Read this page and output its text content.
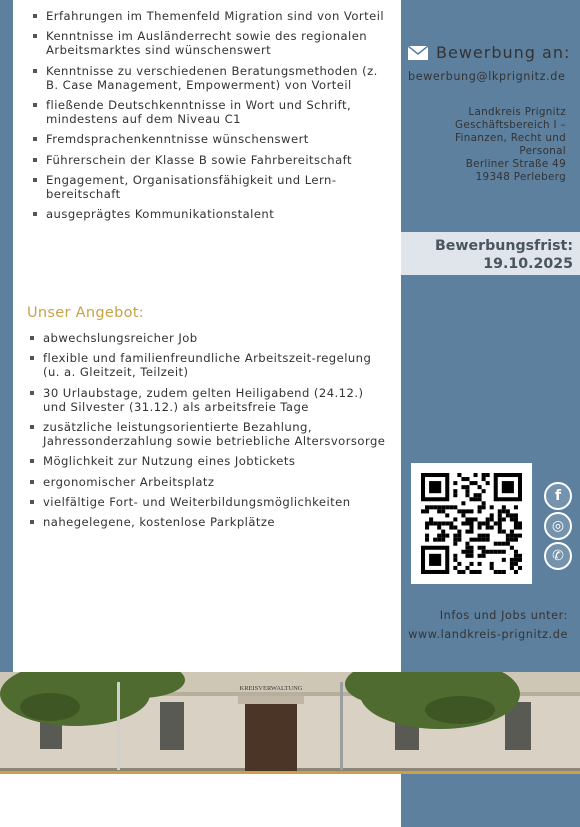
Erfahrungen im Themenfeld Migration sind von Vorteil
Kenntnisse im Ausländerrecht sowie des regionalen Arbeitsmarktes sind wünschenswert
Kenntnisse zu verschiedenen Beratungsmethoden (z. B. Case Management, Empowerment) von Vorteil
fließende Deutschkenntnisse in Wort und Schrift, mindestens auf dem Niveau C1
Fremdsprachenkenntnisse wünschenswert
Führerschein der Klasse B sowie Fahrbereitschaft
Engagement, Organisationsfähigkeit und Lern-bereitschaft
ausgeprägtes Kommunikationstalent
Unser Angebot:
abwechslungsreicher Job
flexible und familienfreundliche Arbeitszeit-regelung (u. a. Gleitzeit, Teilzeit)
30 Urlaubstage, zudem gelten Heiligabend (24.12.) und Silvester (31.12.) als arbeitsfreie Tage
zusätzliche leistungsorientierte Bezahlung, Jahressonderzahlung sowie betriebliche Altersvorsorge
Möglichkeit zur Nutzung eines Jobtickets
ergonomischer Arbeitsplatz
vielfältige Fort- und Weiterbildungsmöglichkeiten
nahegelegene, kostenlose Parkplätze
Bewerbung an:
bewerbung@lkprignitz.de
Landkreis Prignitz
Geschäftsbereich I –
Finanzen, Recht und
Personal
Berliner Straße 49
19348 Perleberg
Bewerbungsfrist:
19.10.2025
f
◎
✆
Infos und Jobs unter:
www.landkreis-prignitz.de
KREISVERWALTUNG
